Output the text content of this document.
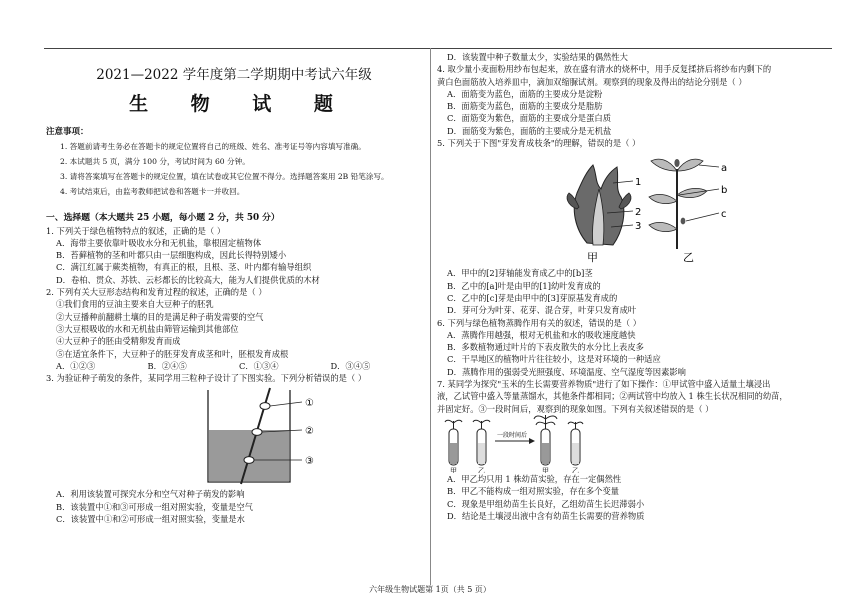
2021—2022 学年度第二学期期中考试六年级
生 物 试 题
注意事项：
1. 答题前请考生务必在答题卡的规定位置将自己的班级、姓名、准考证号等内容填写准确。
2. 本试题共 5 页，满分 100 分，考试时间为 60 分钟。
3. 请将答案填写在答题卡的规定位置，填在试卷或其它位置不得分。选择题答案用 2B 铅笔涂写。
4. 考试结束后，由监考教师把试卷和答题卡一并收回。
一、选择题（本大题共 25 小题，每小题 2 分，共 50 分）
1. 下列关于绿色植物特点的叙述，正确的是（ ）
A．海带主要依靠叶吸收水分和无机盐，靠根固定植物体
B．苔藓植物的茎和叶都只由一层细胞构成，因此长得特别矮小
C．满江红属于蕨类植物，有真正的根，且根、茎、叶内都有输导组织
D．卷柏、贯众、苏铁、云杉都长的比较高大，能为人们提供优质的木材
2. 下列有关大豆形态结构和发育过程的叙述，正确的是（ ）
①我们食用的豆油主要来自大豆种子的胚乳
②大豆播种前翻耕土壤的目的是满足种子萌发需要的空气
③大豆根吸收的水和无机盐由筛管运输到其他部位
④大豆种子的胚由受精卵发育而成
⑤在适宜条件下，大豆种子的胚芽发育成茎和叶，胚根发育成根
A．①②③	B．②④⑤	C．①③④	D．③④⑤
3. 为验证种子萌发的条件，某同学用三粒种子设计了下图实验。下列分析错误的是（ ）
①
②
③
A．利用该装置可探究水分和空气对种子萌发的影响
B．该装置中①和③可形成一组对照实验，变量是空气
C．该装置中①和②可形成一组对照实验，变量是水
D．该装置中种子数量太少，实验结果的偶然性大
4. 取少量小麦面粉用纱布包起来，放在盛有清水的烧杯中，用手反复揉挤后将纱布内剩下的
黄白色面筋放入培养皿中，滴加双缩脲试剂。观察到的现象及得出的结论分别是（ ）
A．面筋变为蓝色，面筋的主要成分是淀粉
B．面筋变为蓝色，面筋的主要成分是脂肪
C．面筋变为紫色，面筋的主要成分是蛋白质
D．面筋变为紫色，面筋的主要成分是无机盐
5. 下列关于下图"芽发育成枝条"的理解，错误的是（ ）
1
2
3
甲
a
b
c
乙
A．甲中的[2]芽轴能发育成乙中的[b]茎
B．乙中的[a]叶是由甲的[1]幼叶发育成的
C．乙中的[c]芽是由甲中的[3]芽原基发育成的
D．芽可分为叶芽、花芽、混合芽，叶芽只发育成叶
6. 下列与绿色植物蒸腾作用有关的叙述，错误的是（ ）
A．蒸腾作用越强，根对无机盐和水的吸收速度越快
B．多数植物通过叶片的下表皮散失的水分比上表皮多
C．干旱地区的植物叶片往往较小，这是对环境的一种适应
D．蒸腾作用的强弱受光照强度、环境温度、空气湿度等因素影响
7. 某同学为探究"玉米的生长需要营养物质"进行了如下操作：①甲试管中盛入适量土壤浸出
液，乙试管中盛入等量蒸馏水，其他条件都相同；②两试管中均放入 1 株生长状况相同的幼苗，
并固定好。③一段时间后，观察到的现象如图。下列有关叙述错误的是（ ）
甲	乙
一段时间后
甲	乙
A．甲乙均只用 1 株幼苗实验，存在一定偶然性
B．甲乙不能构成一组对照实验，存在多个变量
C．现象是甲组幼苗生长良好，乙组幼苗生长迟滞弱小
D．结论是土壤浸出液中含有幼苗生长需要的营养物质
六年级生物试题第 1页（共 5 页）
